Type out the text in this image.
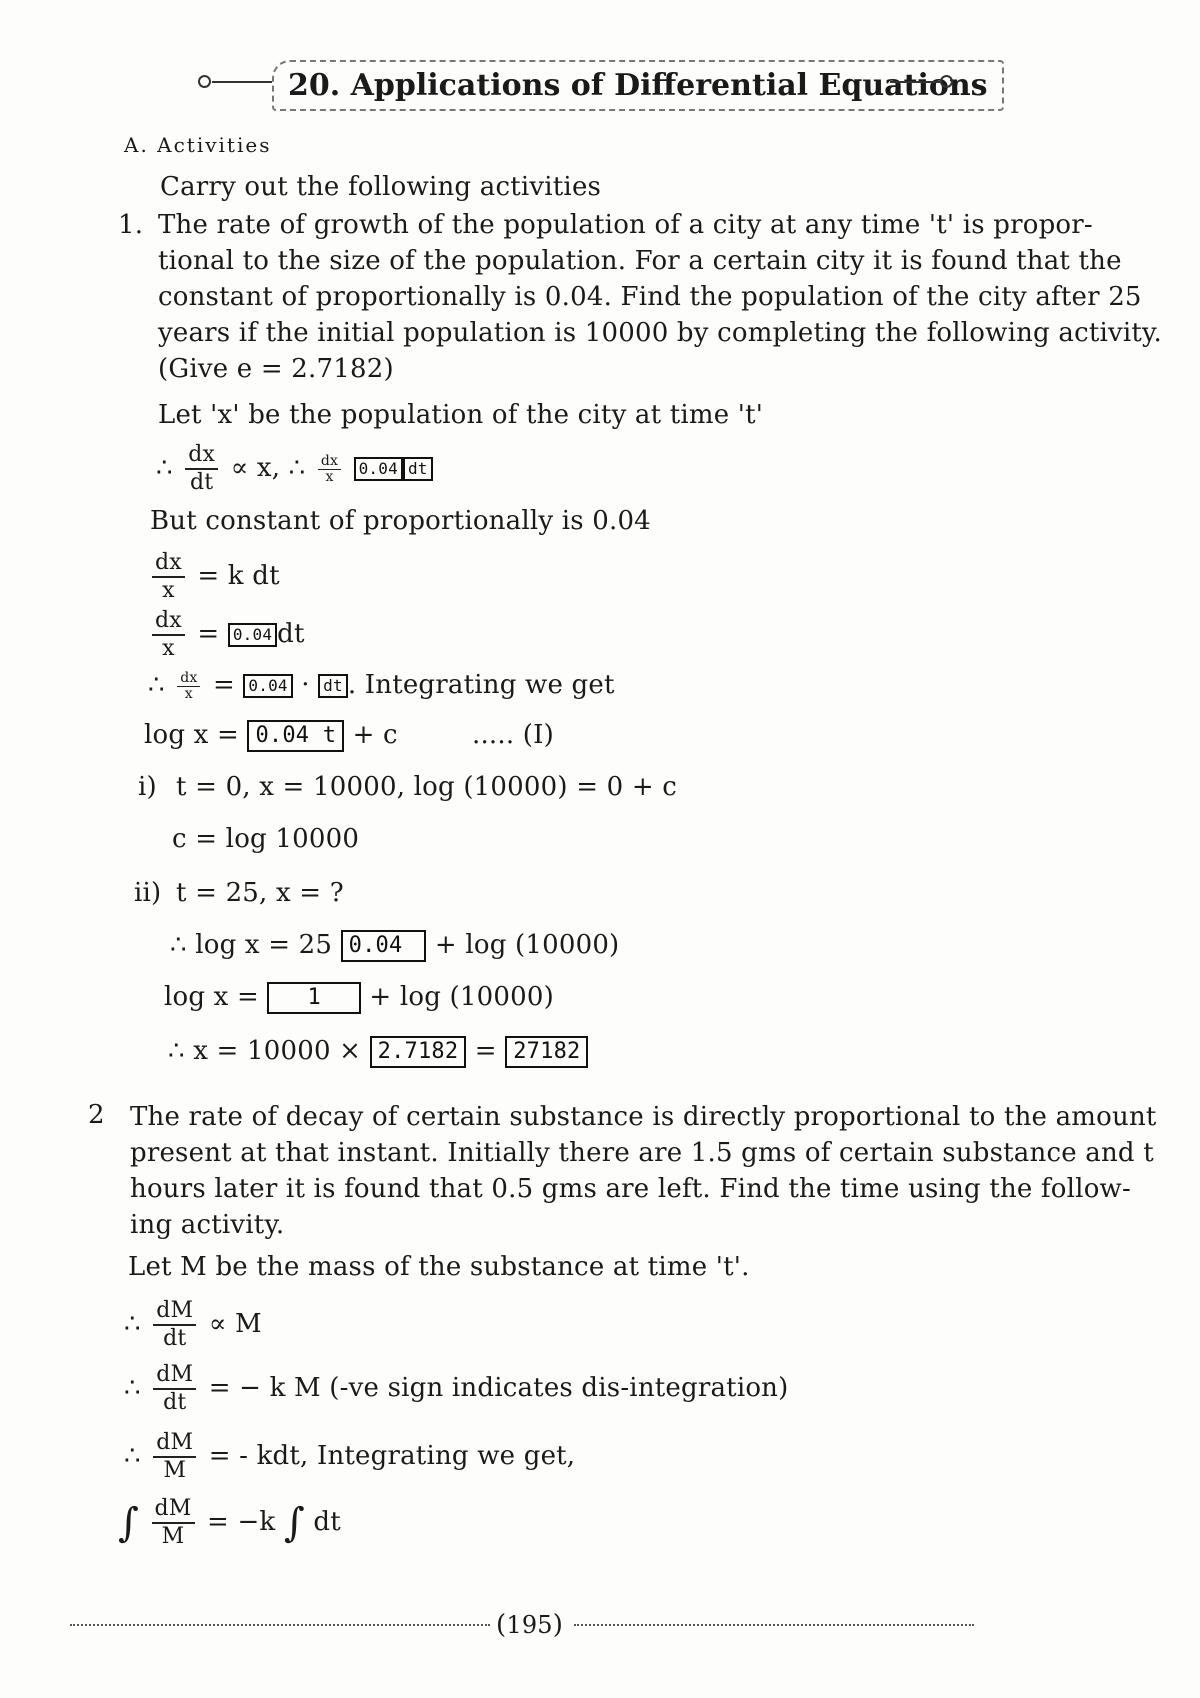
20. Applications of Differential Equations
A. Activities
Carry out the following activities
1. The rate of growth of the population of a city at any time 't' is propor-
tional to the size of the population. For a certain city it is found that the
constant of proportionally is 0.04. Find the population of the city after 25
years if the initial population is 10000 by completing the following activity.
(Give e = 2.7182)
Let 'x' be the population of the city at time 't'
∴ $\frac{dx}{dt} \propto x$, ∴ $\frac{dx}{x} 0.04$ dt
But constant of proportionally is 0.04
$\frac{dx}{x} = k$ dt
$\frac{dx}{x} = 0.04$ dt
∴ $\frac{dx}{x} = 0.04$ · dt . Integrating we get
log x = 0.04 t + c	..... (I)
i) t = 0, x = 10000, log (10000) = 0 + c
c = log 10000
ii) t = 25, x = ?
∴ log x = 25 0.04 + log (10000)
log x = 1 + log (10000)
∴ x = 10000 × 2.7182 = 27182
2 The rate of decay of certain substance is directly proportional to the amount
present at that instant. Initially there are 1.5 gms of certain substance and t
hours later it is found that 0.5 gms are left. Find the time using the follow-
ing activity.
Let M be the mass of the substance at time 't'.
∴ $\frac{dM}{dt} \propto M$
∴ $\frac{dM}{dt}$ = − k M (-ve sign indicates dis-integration)
∴ $\frac{dM}{M}$ = - kdt, Integrating we get,
∫ $\frac{dM}{M} = -k$ ∫ dt
(195)
